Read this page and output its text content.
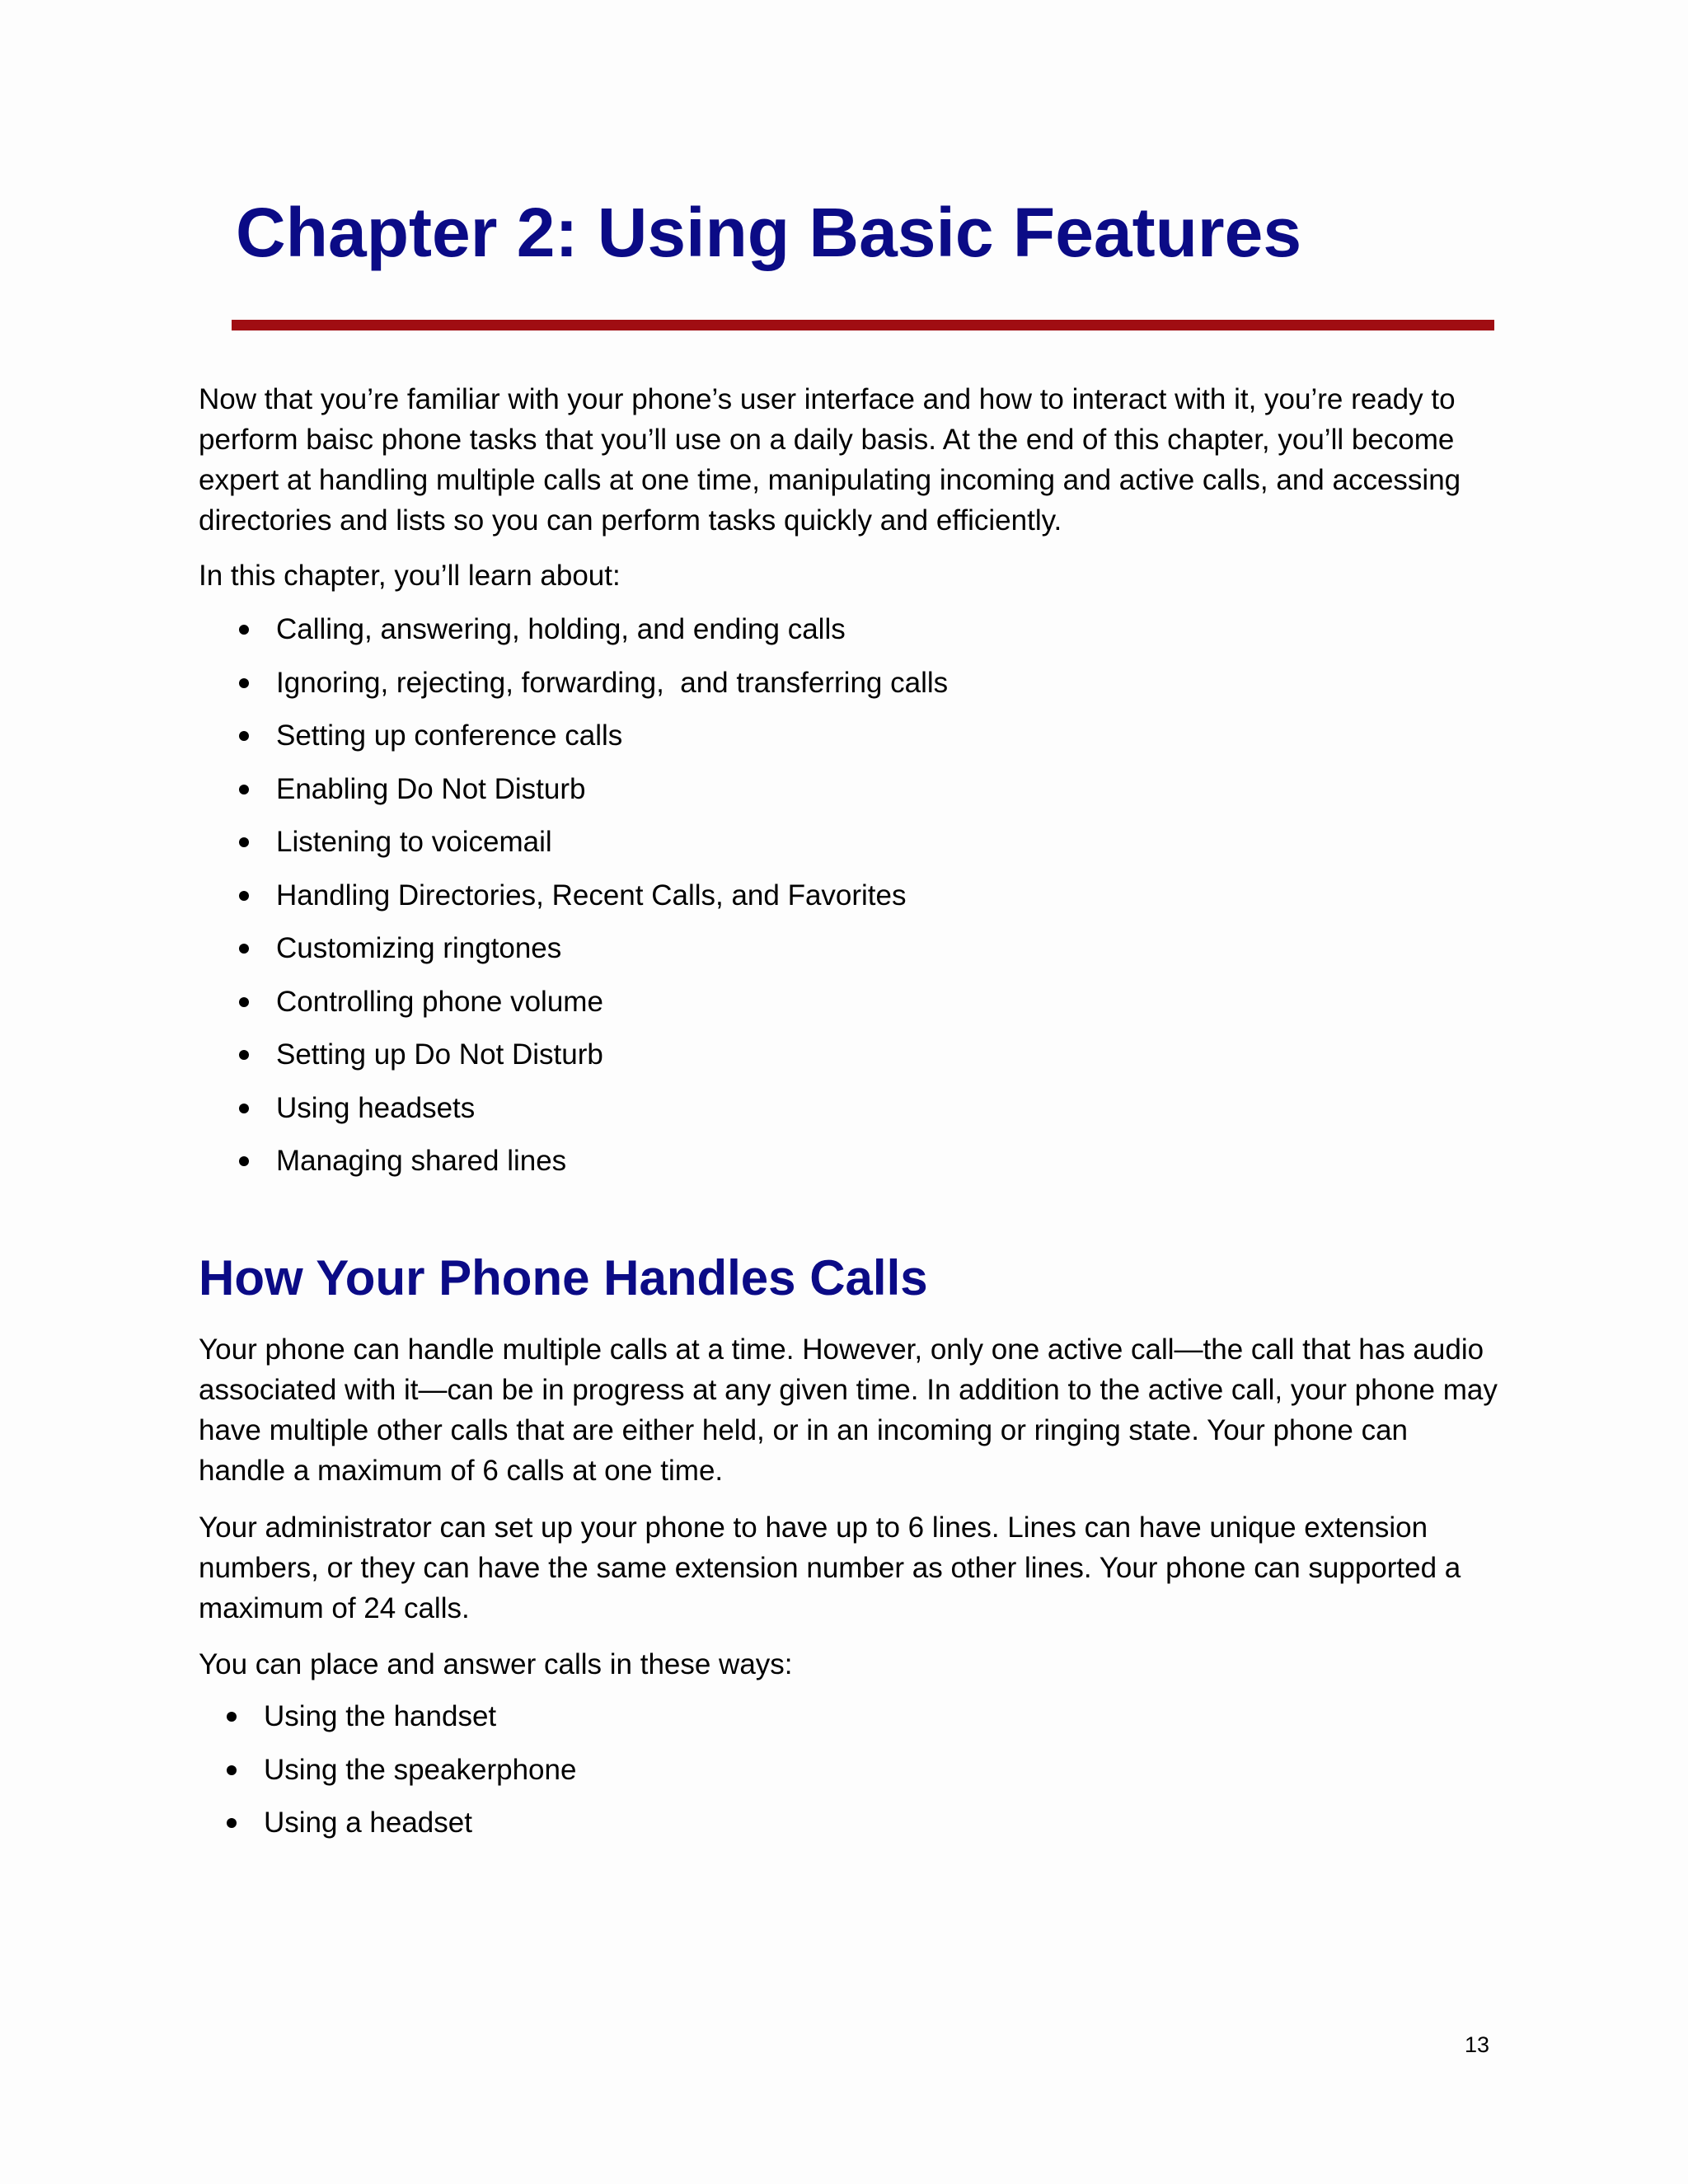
Chapter 2: Using Basic Features

Now that you’re familiar with your phone’s user interface and how to interact with it, you’re ready to perform baisc phone tasks that you’ll use on a daily basis. At the end of this chapter, you’ll become expert at handling multiple calls at one time, manipulating incoming and active calls, and accessing directories and lists so you can perform tasks quickly and efficiently.

In this chapter, you’ll learn about:

Calling, answering, holding, and ending calls
Ignoring, rejecting, forwarding,  and transferring calls
Setting up conference calls
Enabling Do Not Disturb
Listening to voicemail
Handling Directories, Recent Calls, and Favorites
Customizing ringtones
Controlling phone volume
Setting up Do Not Disturb
Using headsets
Managing shared lines
How Your Phone Handles Calls

Your phone can handle multiple calls at a time. However, only one active call—the call that has audio associated with it—can be in progress at any given time. In addition to the active call, your phone may have multiple other calls that are either held, or in an incoming or ringing state. Your phone can handle a maximum of 6 calls at one time.

Your administrator can set up your phone to have up to 6 lines. Lines can have unique extension numbers, or they can have the same extension number as other lines. Your phone can supported a maximum of 24 calls.

You can place and answer calls in these ways:

Using the handset
Using the speakerphone
Using a headset
13
